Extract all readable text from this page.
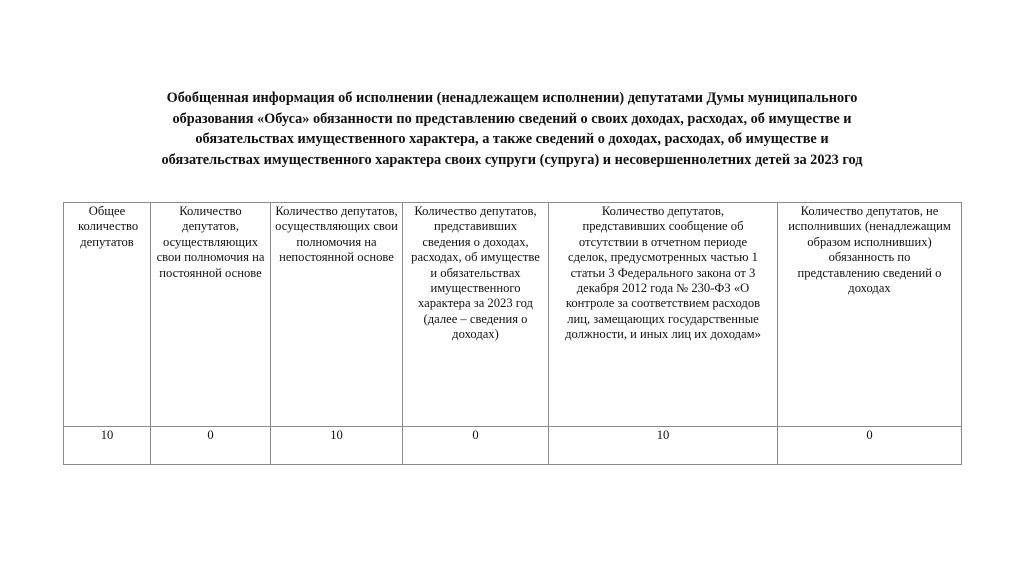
Обобщенная информация об исполнении (ненадлежащем исполнении) депутатами Думы муниципального
образования «Обуса» обязанности по представлению сведений о своих доходах, расходах, об имуществе и
обязательствах имущественного характера, а также сведений о доходах, расходах, об имуществе и
обязательствах имущественного характера своих супруги (супруга) и несовершеннолетних детей за 2023 год
Общее количество депутатов	Количество депутатов, осуществляющих свои полномочия на постоянной основе	Количество депутатов, осуществляющих свои полномочия на непостоянной основе	Количество депутатов, представивших сведения о доходах, расходах, об имуществе и обязательствах имущественного характера за 2023 год (далее – сведения о доходах)	Количество депутатов, представивших сообщение об отсутствии в отчетном периоде сделок, предусмотренных частью 1 статьи 3 Федерального закона от 3 декабря 2012 года № 230-ФЗ «О контроле за соответствием расходов лиц, замещающих государственные должности, и иных лиц их доходам»	Количество депутатов, не исполнивших (ненадлежащим образом исполнивших) обязанность по представлению сведений о доходах
10	0	10	0	10	0
